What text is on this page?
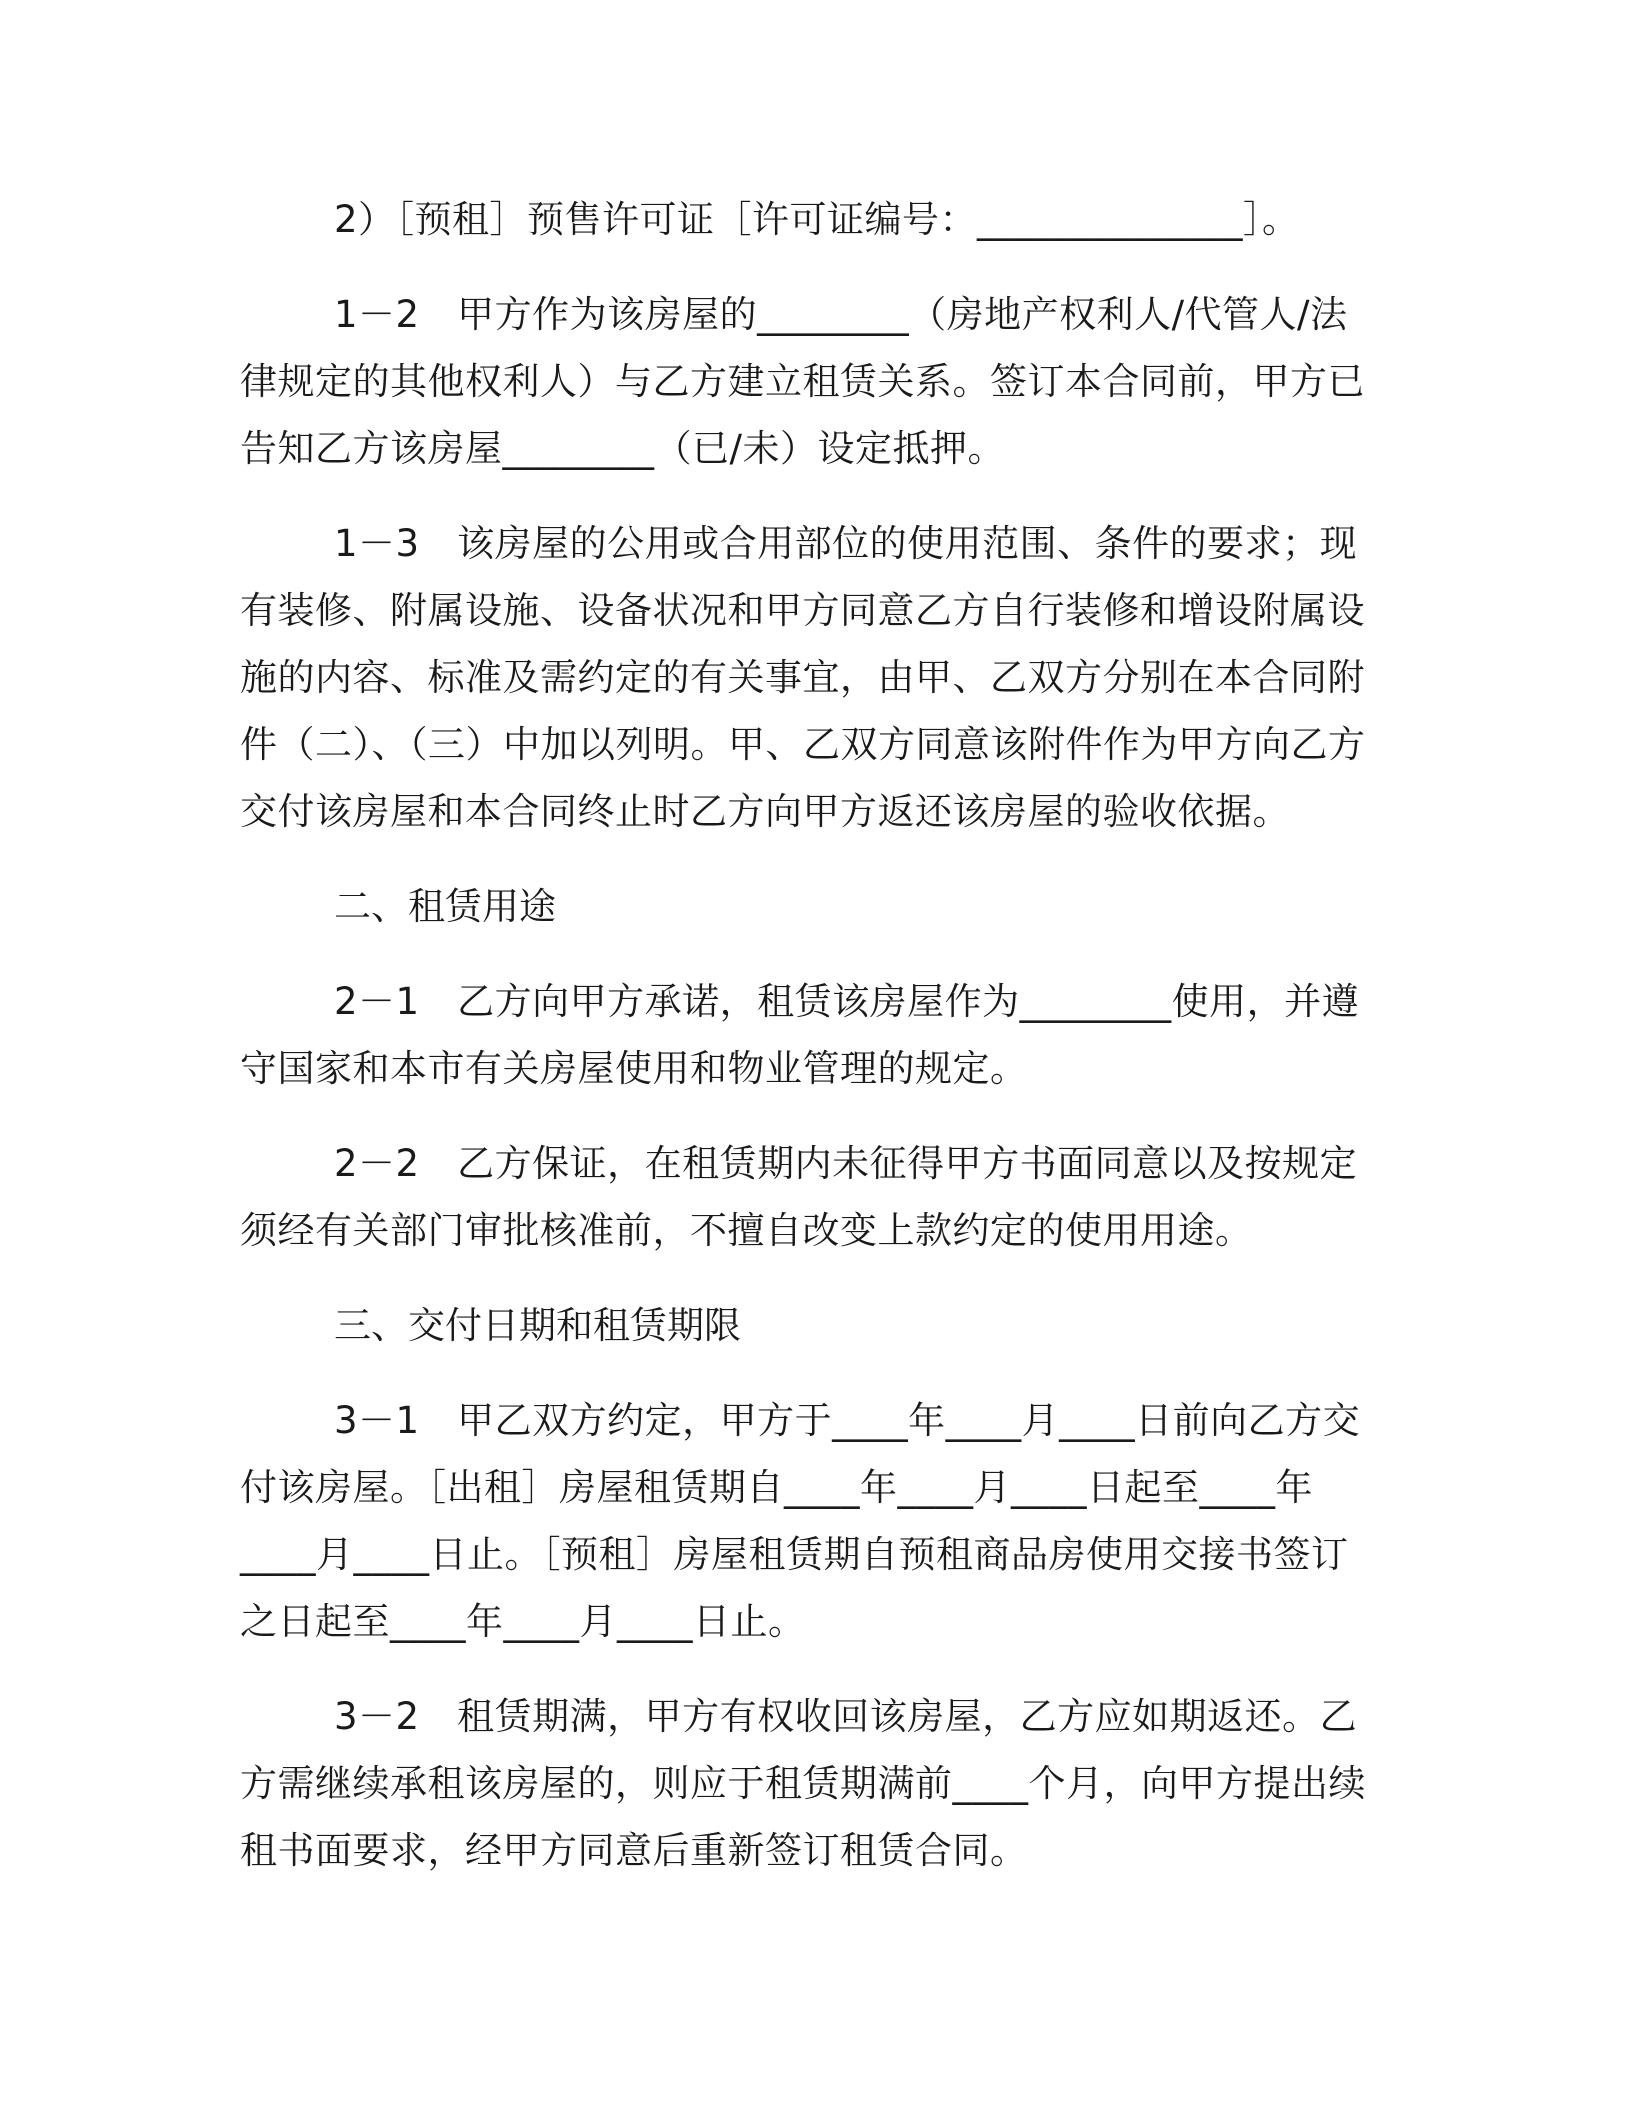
2）［预租］预售许可证［许可证编号：______________］。

1－2　甲方作为该房屋的________（房地产权利人/代管人/法律规定的其他权利人）与乙方建立租赁关系。签订本合同前，甲方已告知乙方该房屋________（已/未）设定抵押。

1－3　该房屋的公用或合用部位的使用范围、条件的要求；现有装修、附属设施、设备状况和甲方同意乙方自行装修和增设附属设施的内容、标准及需约定的有关事宜，由甲、乙双方分别在本合同附件（二）、（三）中加以列明。甲、乙双方同意该附件作为甲方向乙方交付该房屋和本合同终止时乙方向甲方返还该房屋的验收依据。

二、租赁用途

2－1　乙方向甲方承诺，租赁该房屋作为________使用，并遵守国家和本市有关房屋使用和物业管理的规定。

2－2　乙方保证，在租赁期内未征得甲方书面同意以及按规定须经有关部门审批核准前，不擅自改变上款约定的使用用途。

三、交付日期和租赁期限

3－1　甲乙双方约定，甲方于____年____月____日前向乙方交付该房屋。［出租］房屋租赁期自____年____月____日起至____年____月____日止。［预租］房屋租赁期自预租商品房使用交接书签订之日起至____年____月____日止。

3－2　租赁期满，甲方有权收回该房屋，乙方应如期返还。乙方需继续承租该房屋的，则应于租赁期满前____个月，向甲方提出续租书面要求，经甲方同意后重新签订租赁合同。
